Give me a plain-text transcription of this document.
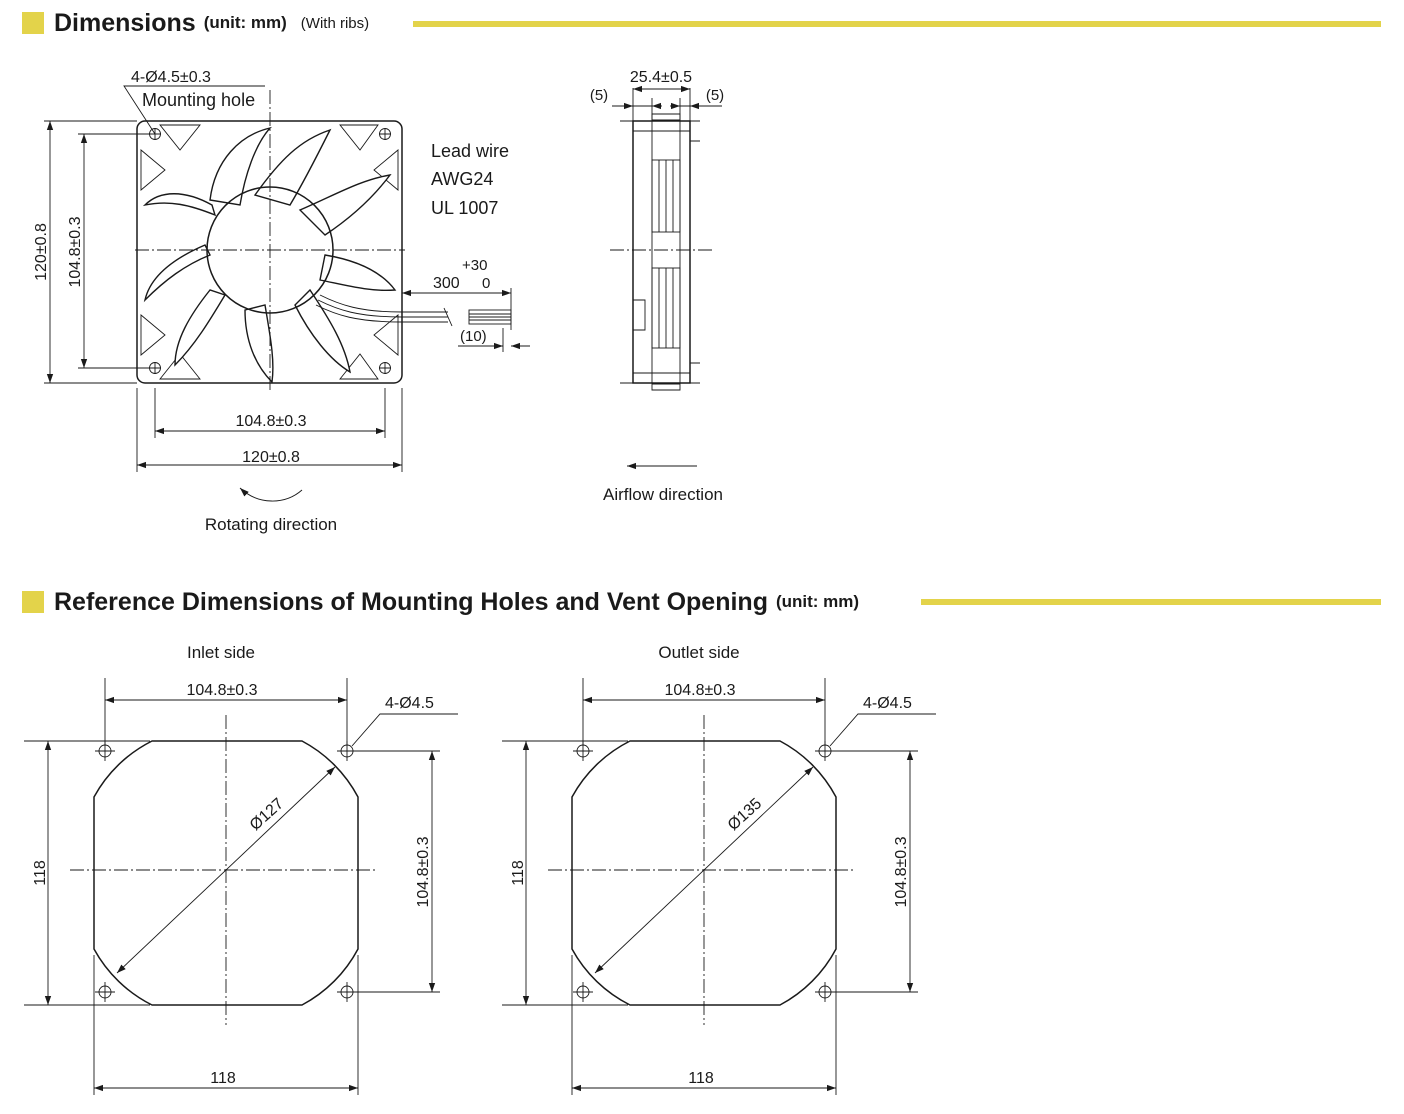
Dimensions (unit: mm) (With ribs)
Reference Dimensions of Mounting Holes and Vent Opening (unit: mm)
4-Ø4.5±0.3
Mounting hole
Lead wire
AWG24
UL 1007
300
+30
0
(10)
120±0.8 104.8±0.3
104.8±0.3
120±0.8
Rotating direction
25.4±0.5
(5)	(5)
Airflow direction
Inlet side
Ø127
104.8±0.3
4-Ø4.5
118	104.8±0.3
118
Outlet side
Ø135
104.8±0.3
4-Ø4.5
118	104.8±0.3
118
